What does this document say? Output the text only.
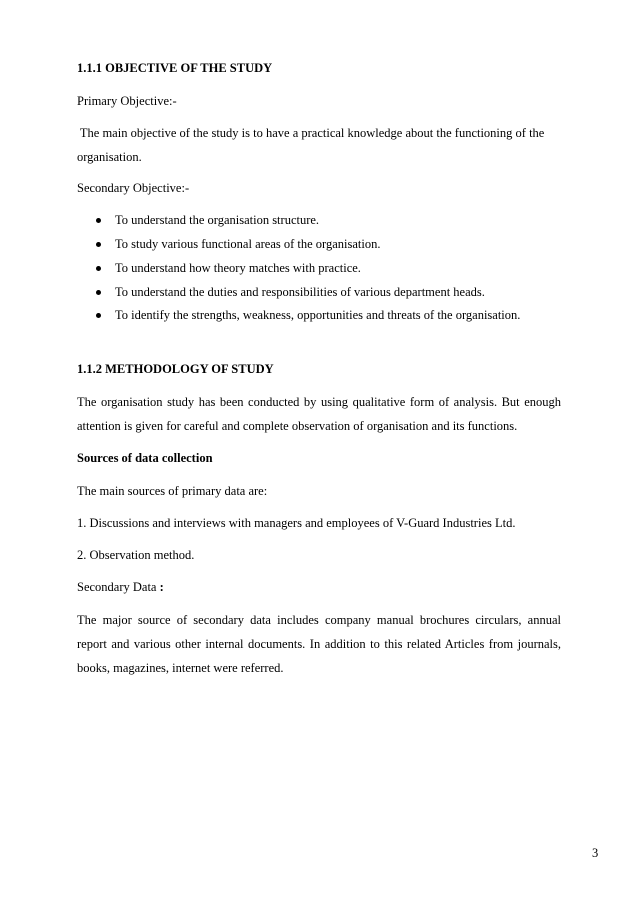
1.1.1 OBJECTIVE OF THE STUDY
Primary Objective:-
The main objective of the study is to have a practical knowledge about the functioning of the
organisation.
Secondary Objective:-
To understand the organisation structure.
To study various functional areas of the organisation.
To understand how theory matches with practice.
To understand the duties and responsibilities of various department heads.
To identify the strengths, weakness, opportunities and threats of the organisation.
1.1.2 METHODOLOGY OF STUDY
The organisation study has been conducted by using qualitative form of analysis. But enough
attention is given for careful and complete observation of organisation and its functions.
Sources of data collection
The main sources of primary data are:
1. Discussions and interviews with managers and employees of V-Guard Industries Ltd.
2. Observation method.
Secondary Data :
The major source of secondary data includes company manual brochures circulars, annual
report and various other internal documents. In addition to this related Articles from journals,
books, magazines, internet were referred.
3
